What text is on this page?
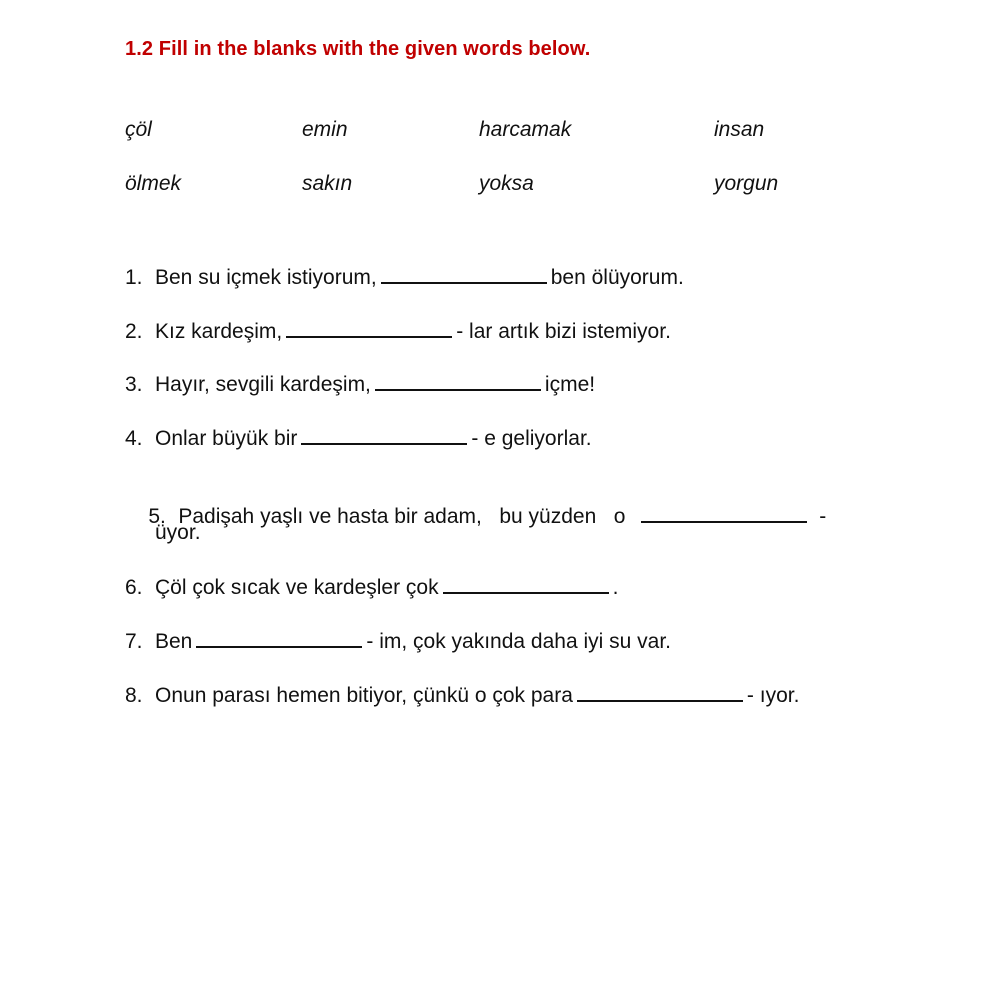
1.2 Fill in the blanks with the given words below.
çöl	emin	harcamak	insan
ölmek	sakın	yoksa	yorgun
1. Ben su içmek istiyorum,	ben ölüyorum.
2. Kız kardeşim,	- lar artık bizi istemiyor.
3. Hayır, sevgili kardeşim,	içme!
4. Onlar büyük bir	- e geliyorlar.

5. Padişah yaşlı ve hasta bir adam,   bu yüzden   o	-

üyor.
6. Çöl çok sıcak ve kardeşler çok	.
7. Ben	- im, çok yakında daha iyi su var.
8. Onun parası hemen bitiyor, çünkü o çok para	- ıyor.
